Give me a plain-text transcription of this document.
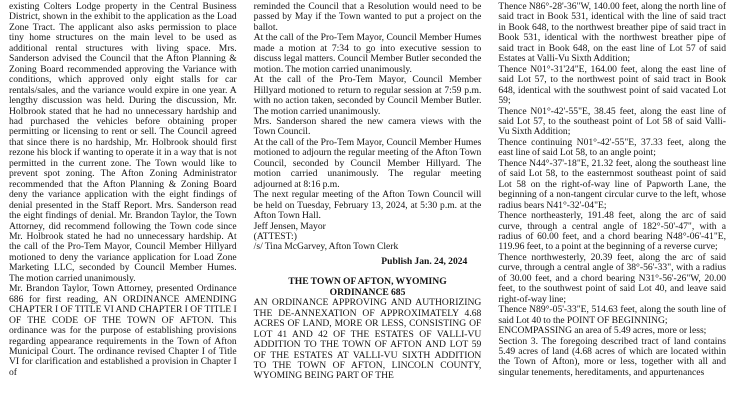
existing Colters Lodge property in the Central Business District, shown in the exhibit to the application as the Load Zone Tract. The applicant also asks permission to place tiny home structures on the main level to be used as additional rental structures with living space. Mrs. Sanderson advised the Council that the Afton Planning & Zoning Board recommended approving the Variance with conditions, which approved only eight stalls for car rentals/sales, and the variance would expire in one year. A lengthy discussion was held. During the discussion, Mr. Holbrook stated that he had no unnecessary hardship and had purchased the vehicles before obtaining proper permitting or licensing to rent or sell. The Council agreed that since there is no hardship, Mr. Holbrook should first rezone his block if wanting to operate it in a way that is not permitted in the current zone. The Town would like to prevent spot zoning. The Afton Zoning Administrator recommended that the Afton Planning & Zoning Board deny the variance application with the eight findings of denial presented in the Staff Report. Mrs. Sanderson read the eight findings of denial. Mr. Brandon Taylor, the Town Attorney, did recommend following the Town code since Mr. Holbrook stated he had no unnecessary hardship. At the call of the Pro-Tem Mayor, Council Member Hillyard motioned to deny the variance application for Load Zone Marketing LLC, seconded by Council Member Humes. The motion carried unanimously.

Mr. Brandon Taylor, Town Attorney, presented Ordinance 686 for first reading, AN ORDINANCE AMENDING CHAPTER I OF TITLE VI AND CHAPTER I OF TITLE I OF THE CODE OF THE TOWN OF AFTON. This ordinance was for the purpose of establishing provisions regarding appearance requirements in the Town of Afton Municipal Court. The ordinance revised Chapter I of Title VI for clarification and established a provision in Chapter I of

reminded the Council that a Resolution would need to be passed by May if the Town wanted to put a project on the ballot.

At the call of the Pro-Tem Mayor, Council Member Humes made a motion at 7:34 to go into executive session to discuss legal matters. Council Member Butler seconded the motion. The motion carried unanimously.

At the call of the Pro-Tem Mayor, Council Member Hillyard motioned to return to regular session at 7:59 p.m. with no action taken, seconded by Council Member Butler. The motion carried unanimously.

Mrs. Sanderson shared the new camera views with the Town Council.

At the call of the Pro-Tem Mayor, Council Member Humes motioned to adjourn the regular meeting of the Afton Town Council, seconded by Council Member Hillyard. The motion carried unanimously. The regular meeting adjourned at 8:16 p.m.

The next regular meeting of the Afton Town Council will be held on Tuesday, February 13, 2024, at 5:30 p.m. at the Afton Town Hall.

Jeff Jensen, Mayor

(ATTEST:)

/s/ Tina McGarvey, Afton Town Clerk

Publish Jan. 24, 2024

THE TOWN OF AFTON, WYOMING

ORDINANCE 685

AN ORDINANCE APPROVING AND AUTHORIZING THE DE-ANNEXATION OF APPROXIMATELY 4.68 ACRES OF LAND, MORE OR LESS, CONSISTING OF LOT 41 AND 42 OF THE ESTATES OF VALLI-VU ADDITION TO THE TOWN OF AFTON AND LOT 59 OF THE ESTATES AT VALLI-VU SIXTH ADDITION TO THE TOWN OF AFTON, LINCOLN COUNTY, WYOMING BEING PART OF THE

Thence N86°-28'-36"W, 140.00 feet, along the north line of said tract in Book 531, identical with the line of said tract in Book 648, to the northwest breather pipe of said tract in Book 531, identical with the northwest breather pipe of said tract in Book 648, on the east line of Lot 57 of said Estates at Valli-Vu Sixth Addition;

Thence N01°-31'24"E, 164.00 feet, along the east line of said Lot 57, to the northwest point of said tract in Book 648, identical with the southwest point of said vacated Lot 59;

Thence N01°-42'-55"E, 38.45 feet, along the east line of said Lot 57, to the southeast point of Lot 58 of said Valli-Vu Sixth Addition;

Thence continuing N01°-42'-55"E, 37.33 feet, along the east line of said Lot 58, to an angle point;

Thence N44°-37'-18"E, 21.32 feet, along the southeast line of said Lot 58, to the easternmost southeast point of said Lot 58 on the right-of-way line of Papworth Lane, the beginning of a non-tangent circular curve to the left, whose radius bears N41°-32'-04"E;

Thence northeasterly, 191.48 feet, along the arc of said curve, through a central angle of 182°-50'-47", with a radius of 60.00 feet, and a chord bearing N48°-06'-41"E, 119.96 feet, to a point at the beginning of a reverse curve;

Thence northwesterly, 20.39 feet, along the arc of said curve, through a central angle of 38°-56'-33", with a radius of 30.00 feet, and a chord bearing N31°-56'-26"W, 20.00 feet, to the southwest point of said Lot 40, and leave said right-of-way line;

Thence N89°-05'-33"E, 514.63 feet, along the south line of said Lot 40 to the POINT OF BEGINNING;

ENCOMPASSING an area of 5.49 acres, more or less;

Section 3. The foregoing described tract of land contains 5.49 acres of land (4.68 acres of which are located within the Town of Afton), more or less, together with all and singular tenements, hereditaments, and appurtenances
